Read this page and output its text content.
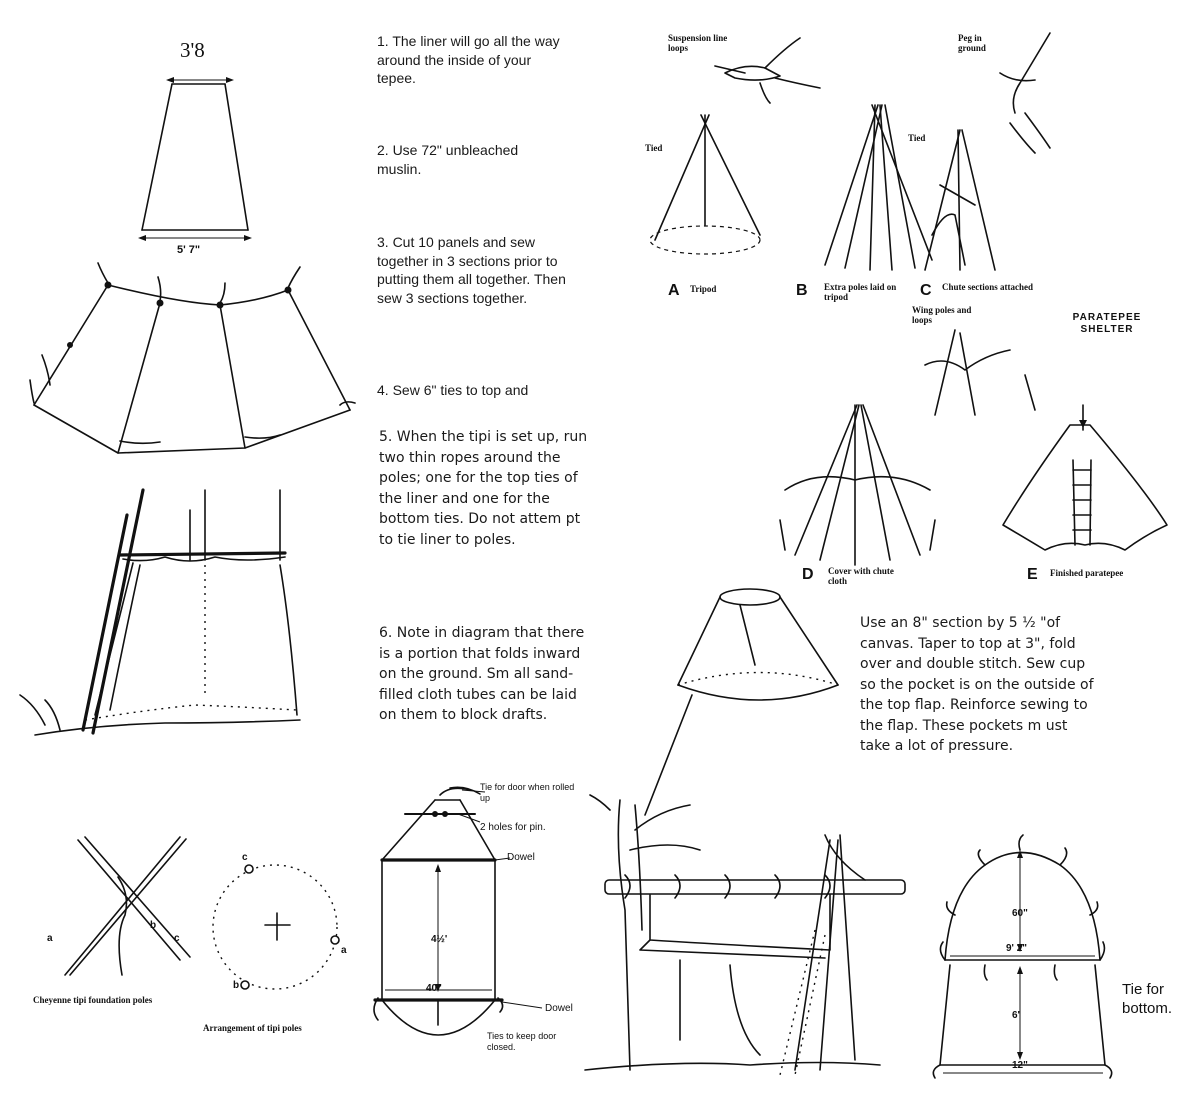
3'8
5' 7"
1. The liner will go all the way around the inside of your tepee.
2. Use 72" unbleached muslin.
3. Cut 10 panels and sew together in 3 sections prior to putting them all together. Then sew 3 sections together.
4. Sew 6" ties to top and
5. When the tipi is set up, run two thin ropes around the poles; one for the top ties of the liner and one for the bottom ties. Do not attem pt to tie liner to poles.
6. Note in diagram that there is a portion that folds inward on the ground. Sm all sand-filled cloth tubes can be laid on them to block drafts.
Suspension line loops
Peg in ground
Tied
A Tripod	B Extra poles laid on tripod
Tied
C Chute sections attached
Wing poles and loops	PARATEPEE SHELTER
D Cover with chute cloth	E Finished paratepee
Use an 8" section by 5 ½ "of canvas. Taper to top at 3", fold over and double stitch. Sew cup so the pocket is on the outside of the top flap. Reinforce sewing to the flap. These pockets m ust take a lot of pressure.
a
b
c
Cheyenne tipi foundation poles
c
a
b
Arrangement of tipi poles
Tie for door when rolled up
2 holes for pin.
Dowel
4½'
40"
Dowel
Ties to keep door closed.
60"
9' 2"
6'
12"
Tie for bottom.
